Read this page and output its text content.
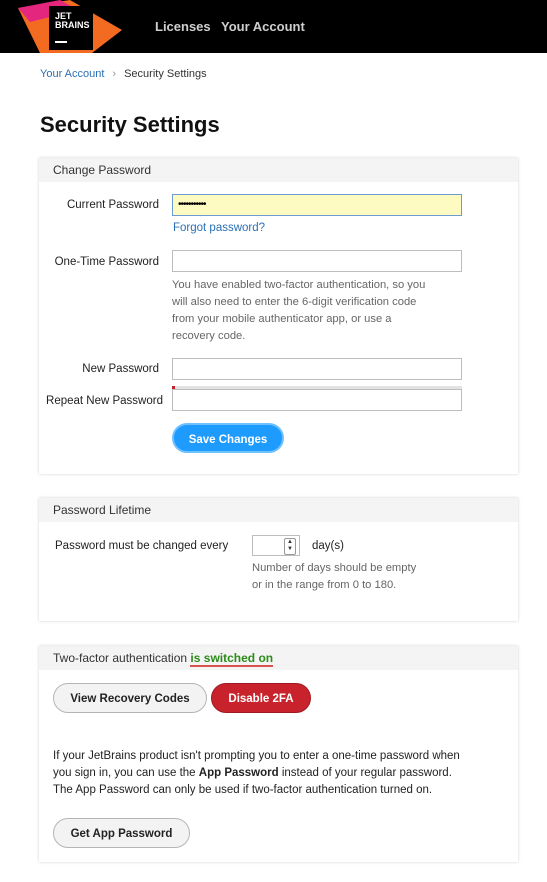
JET
BRAINS	Licenses Your Account
Your Account › Security Settings
Security Settings
Change Password
Current Password •••••••••••
Forgot password?
One-Time Password
You have enabled two-factor authentication, so you
will also need to enter the 6-digit verification code
from your mobile authenticator app, or use a
recovery code.
New Password
Repeat New Password
Save Changes
Password Lifetime
Password must be changed every	▲
▼ day(s)
Number of days should be empty
or in the range from 0 to 180.
Two-factor authentication is switched on
View Recovery Codes	Disable 2FA
If your JetBrains product isn't prompting you to enter a one-time password when
you sign in, you can use the App Password instead of your regular password.
The App Password can only be used if two-factor authentication turned on.
Get App Password
